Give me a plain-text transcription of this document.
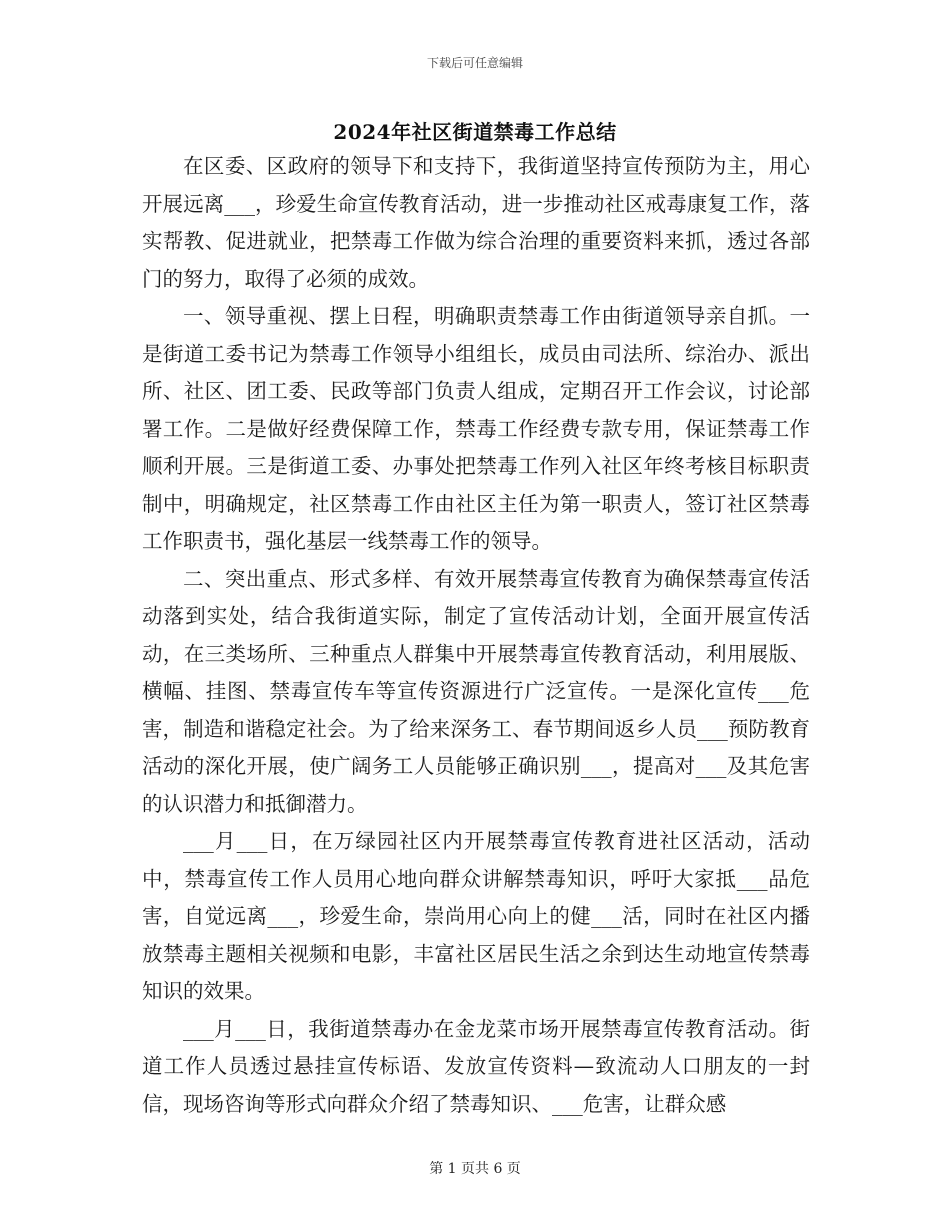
下载后可任意编辑
2024年社区街道禁毒工作总结

在区委、区政府的领导下和支持下，我街道坚持宣传预防为主，用心开展远离___，珍爱生命宣传教育活动，进一步推动社区戒毒康复工作，落实帮教、促进就业，把禁毒工作做为综合治理的重要资料来抓，透过各部门的努力，取得了必须的成效。

一、领导重视、摆上日程，明确职责禁毒工作由街道领导亲自抓。一是街道工委书记为禁毒工作领导小组组长，成员由司法所、综治办、派出所、社区、团工委、民政等部门负责人组成，定期召开工作会议，讨论部署工作。二是做好经费保障工作，禁毒工作经费专款专用，保证禁毒工作顺利开展。三是街道工委、办事处把禁毒工作列入社区年终考核目标职责制中，明确规定，社区禁毒工作由社区主任为第一职责人，签订社区禁毒工作职责书，强化基层一线禁毒工作的领导。

二、突出重点、形式多样、有效开展禁毒宣传教育为确保禁毒宣传活动落到实处，结合我街道实际，制定了宣传活动计划，全面开展宣传活动，在三类场所、三种重点人群集中开展禁毒宣传教育活动，利用展版、横幅、挂图、禁毒宣传车等宣传资源进行广泛宣传。一是深化宣传___危害，制造和谐稳定社会。为了给来深务工、春节期间返乡人员___预防教育活动的深化开展，使广阔务工人员能够正确识别___，提高对___及其危害的认识潜力和抵御潜力。

___月___日，在万绿园社区内开展禁毒宣传教育进社区活动，活动中，禁毒宣传工作人员用心地向群众讲解禁毒知识，呼吁大家抵___品危害，自觉远离___，珍爱生命，崇尚用心向上的健___活，同时在社区内播放禁毒主题相关视频和电影，丰富社区居民生活之余到达生动地宣传禁毒知识的效果。

___月___日，我街道禁毒办在金龙菜市场开展禁毒宣传教育活动。街道工作人员透过悬挂宣传标语、发放宣传资料—致流动人口朋友的一封信，现场咨询等形式向群众介绍了禁毒知识、___危害，让群众感

第 1 页共 6 页
